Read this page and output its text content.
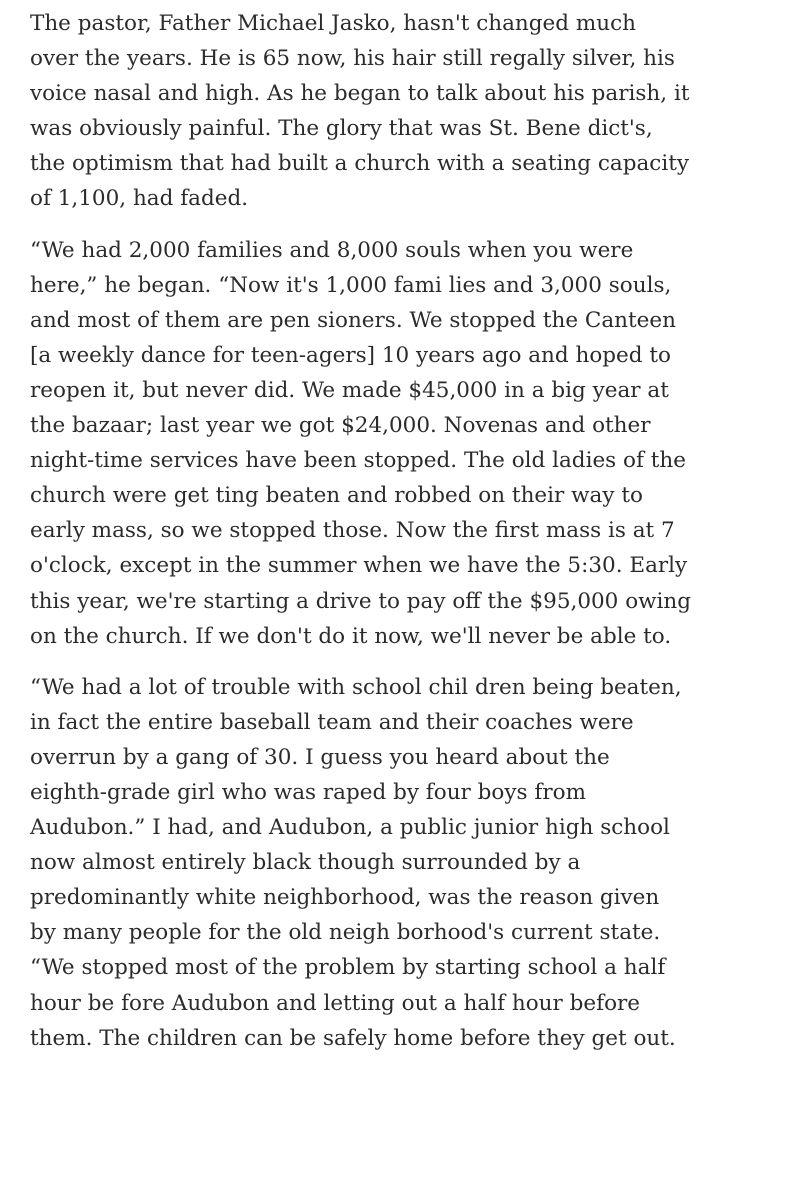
The pastor, Father Michael Jasko, hasn't changed much
over the years. He is 65 now, his hair still regally silver, his
voice nasal and high. As he began to talk about his parish, it
was obviously painful. The glory that was St. Bene dict's,
the optimism that had built a church with a seating capacity
of 1,100, had faded.

“We had 2,000 families and 8,000 souls when you were
here,” he began. “Now it's 1,000 fami lies and 3,000 souls,
and most of them are pen sioners. We stopped the Canteen
[a weekly dance for teen-agers] 10 years ago and hoped to
reopen it, but never did. We made $45,000 in a big year at
the bazaar; last year we got $24,000. Novenas and other
night-time services have been stopped. The old ladies of the
church were get ting beaten and robbed on their way to
early mass, so we stopped those. Now the first mass is at 7
o'clock, except in the summer when we have the 5:30. Early
this year, we're starting a drive to pay off the $95,000 owing
on the church. If we don't do it now, we'll never be able to.

“We had a lot of trouble with school chil dren being beaten,
in fact the entire baseball team and their coaches were
overrun by a gang of 30. I guess you heard about the
eighth-grade girl who was raped by four boys from
Audubon.” I had, and Audubon, a public junior high school
now almost entirely black though surrounded by a
predominantly white neighborhood, was the reason given
by many people for the old neigh borhood's current state.
“We stopped most of the problem by starting school a half
hour be fore Audubon and letting out a half hour before
them. The children can be safely home before they get out.
